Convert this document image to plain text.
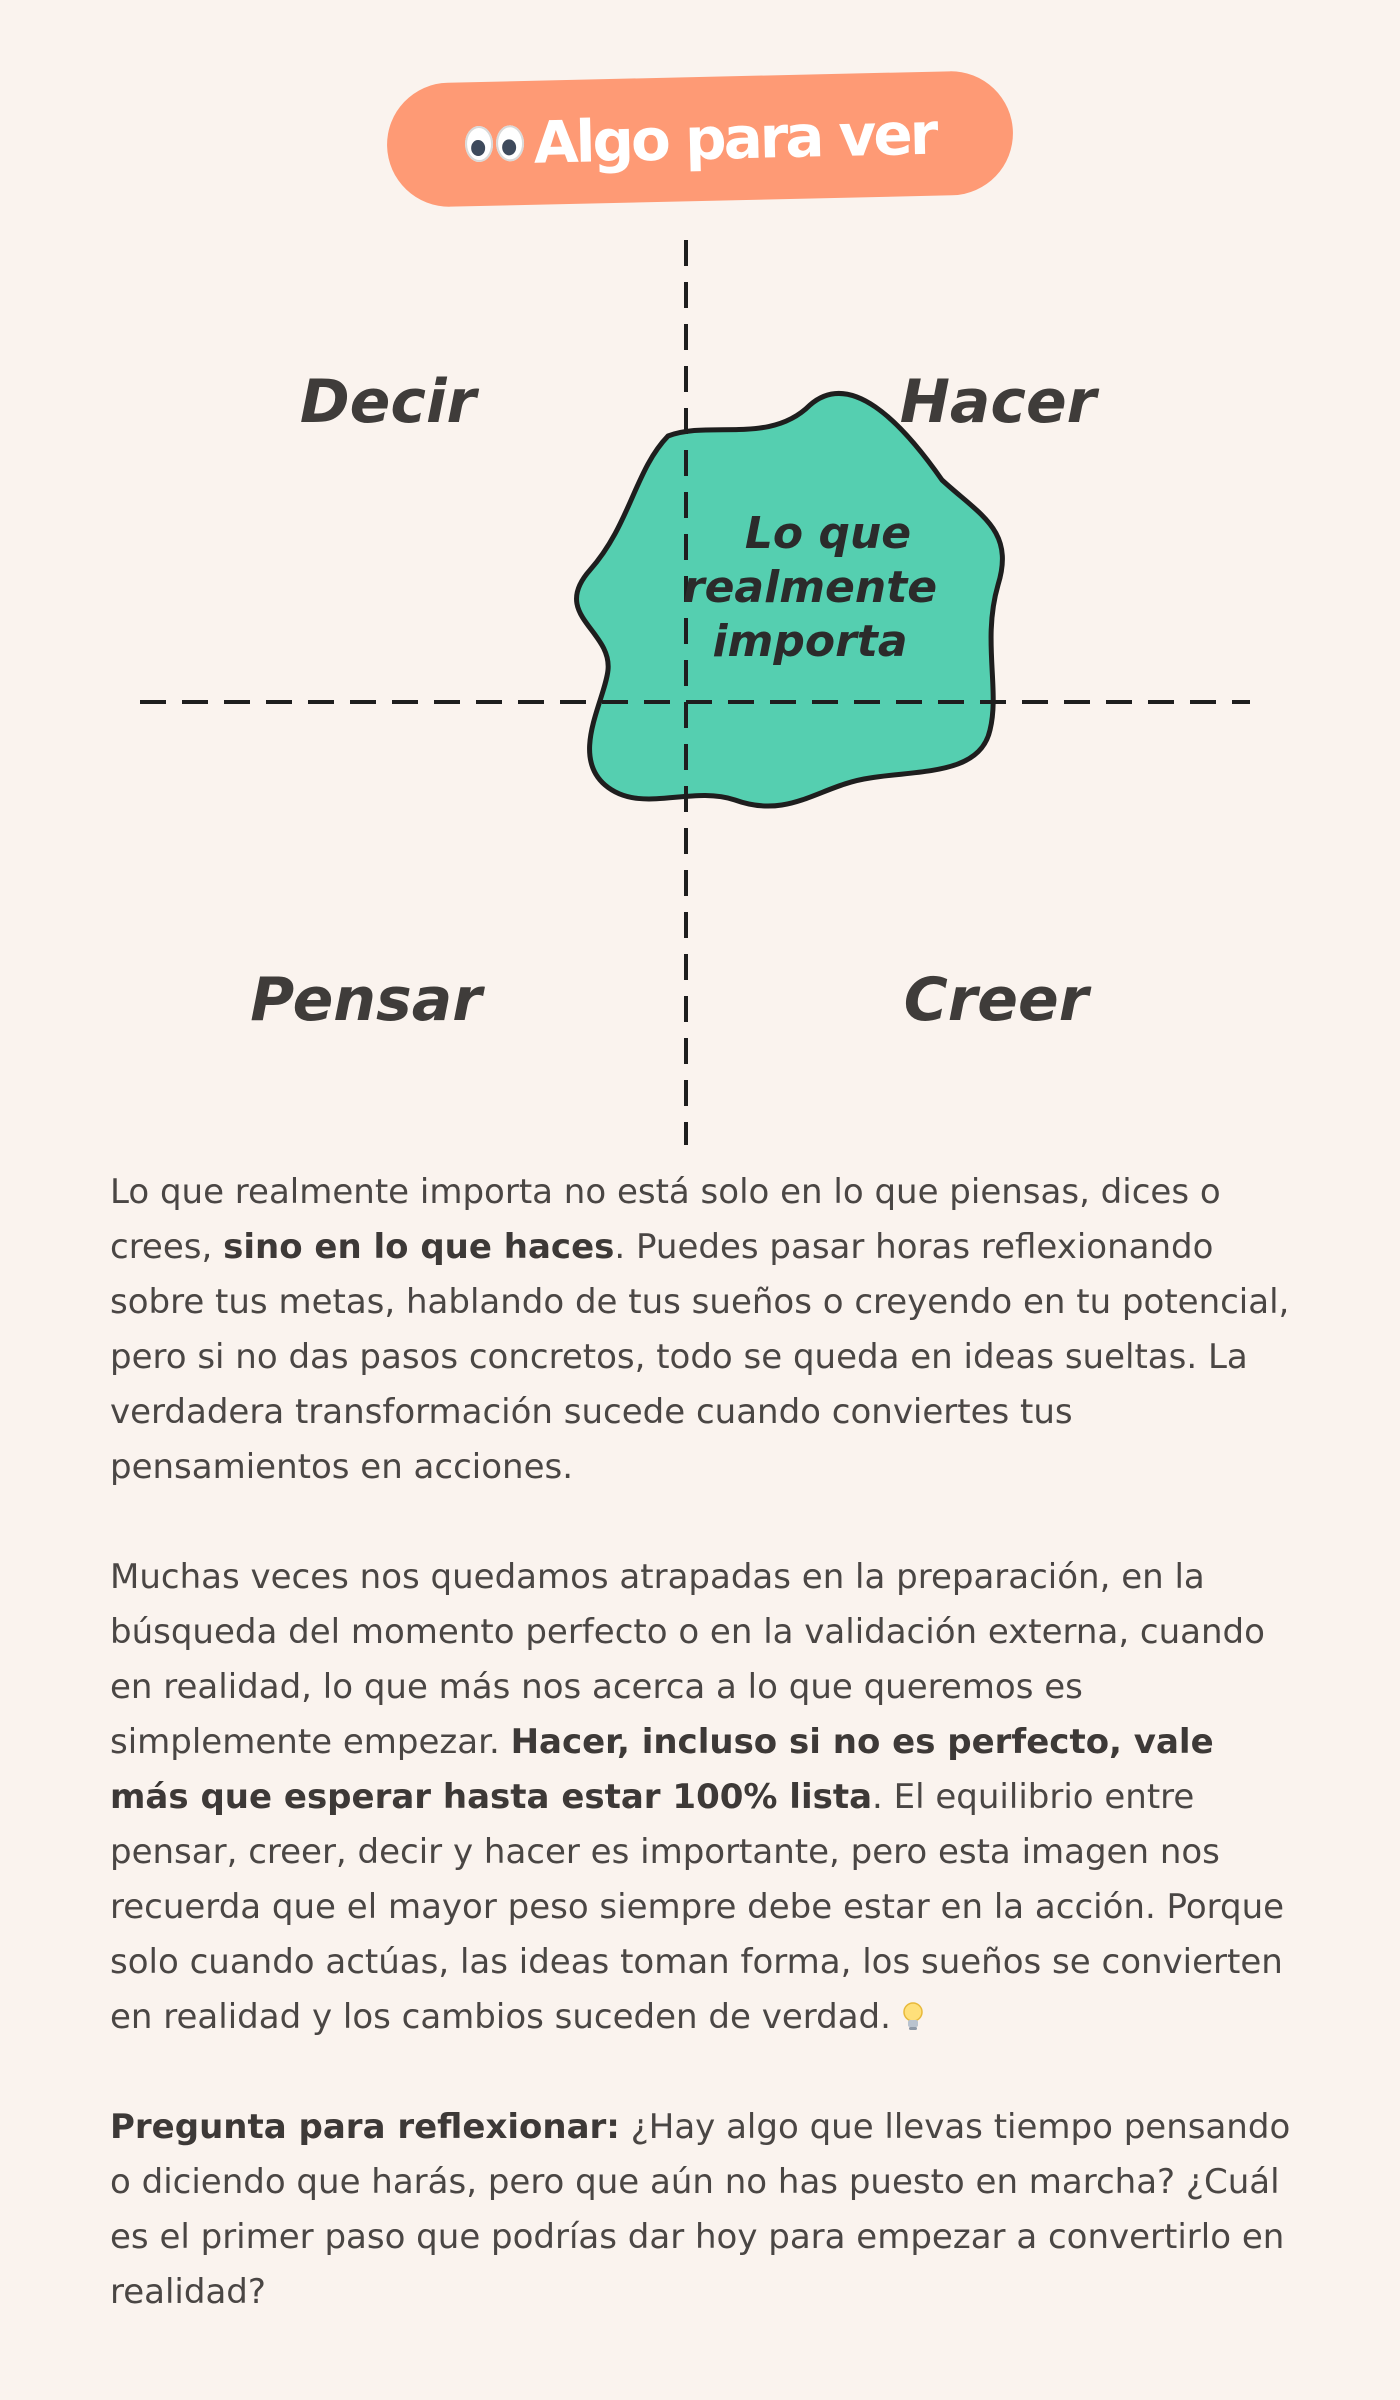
Algo para ver
Decir	Hacer
Pensar	Creer
Lo que
realmente
importa

Lo que realmente importa no está solo en lo que piensas, dices o crees, sino en lo que haces. Puedes pasar horas reflexionando sobre tus metas, hablando de tus sueños o creyendo en tu potencial, pero si no das pasos concretos, todo se queda en ideas sueltas. La verdadera transformación sucede cuando conviertes tus pensamientos en acciones.

Muchas veces nos quedamos atrapadas en la preparación, en la búsqueda del momento perfecto o en la validación externa, cuando en realidad, lo que más nos acerca a lo que queremos es simplemente empezar. Hacer, incluso si no es perfecto, vale más que esperar hasta estar 100% lista. El equilibrio entre pensar, creer, decir y hacer es importante, pero esta imagen nos recuerda que el mayor peso siempre debe estar en la acción. Porque solo cuando actúas, las ideas toman forma, los sueños se convierten en realidad y los cambios suceden de verdad.

Pregunta para reflexionar: ¿Hay algo que llevas tiempo pensando o diciendo que harás, pero que aún no has puesto en marcha? ¿Cuál es el primer paso que podrías dar hoy para empezar a convertirlo en realidad?
